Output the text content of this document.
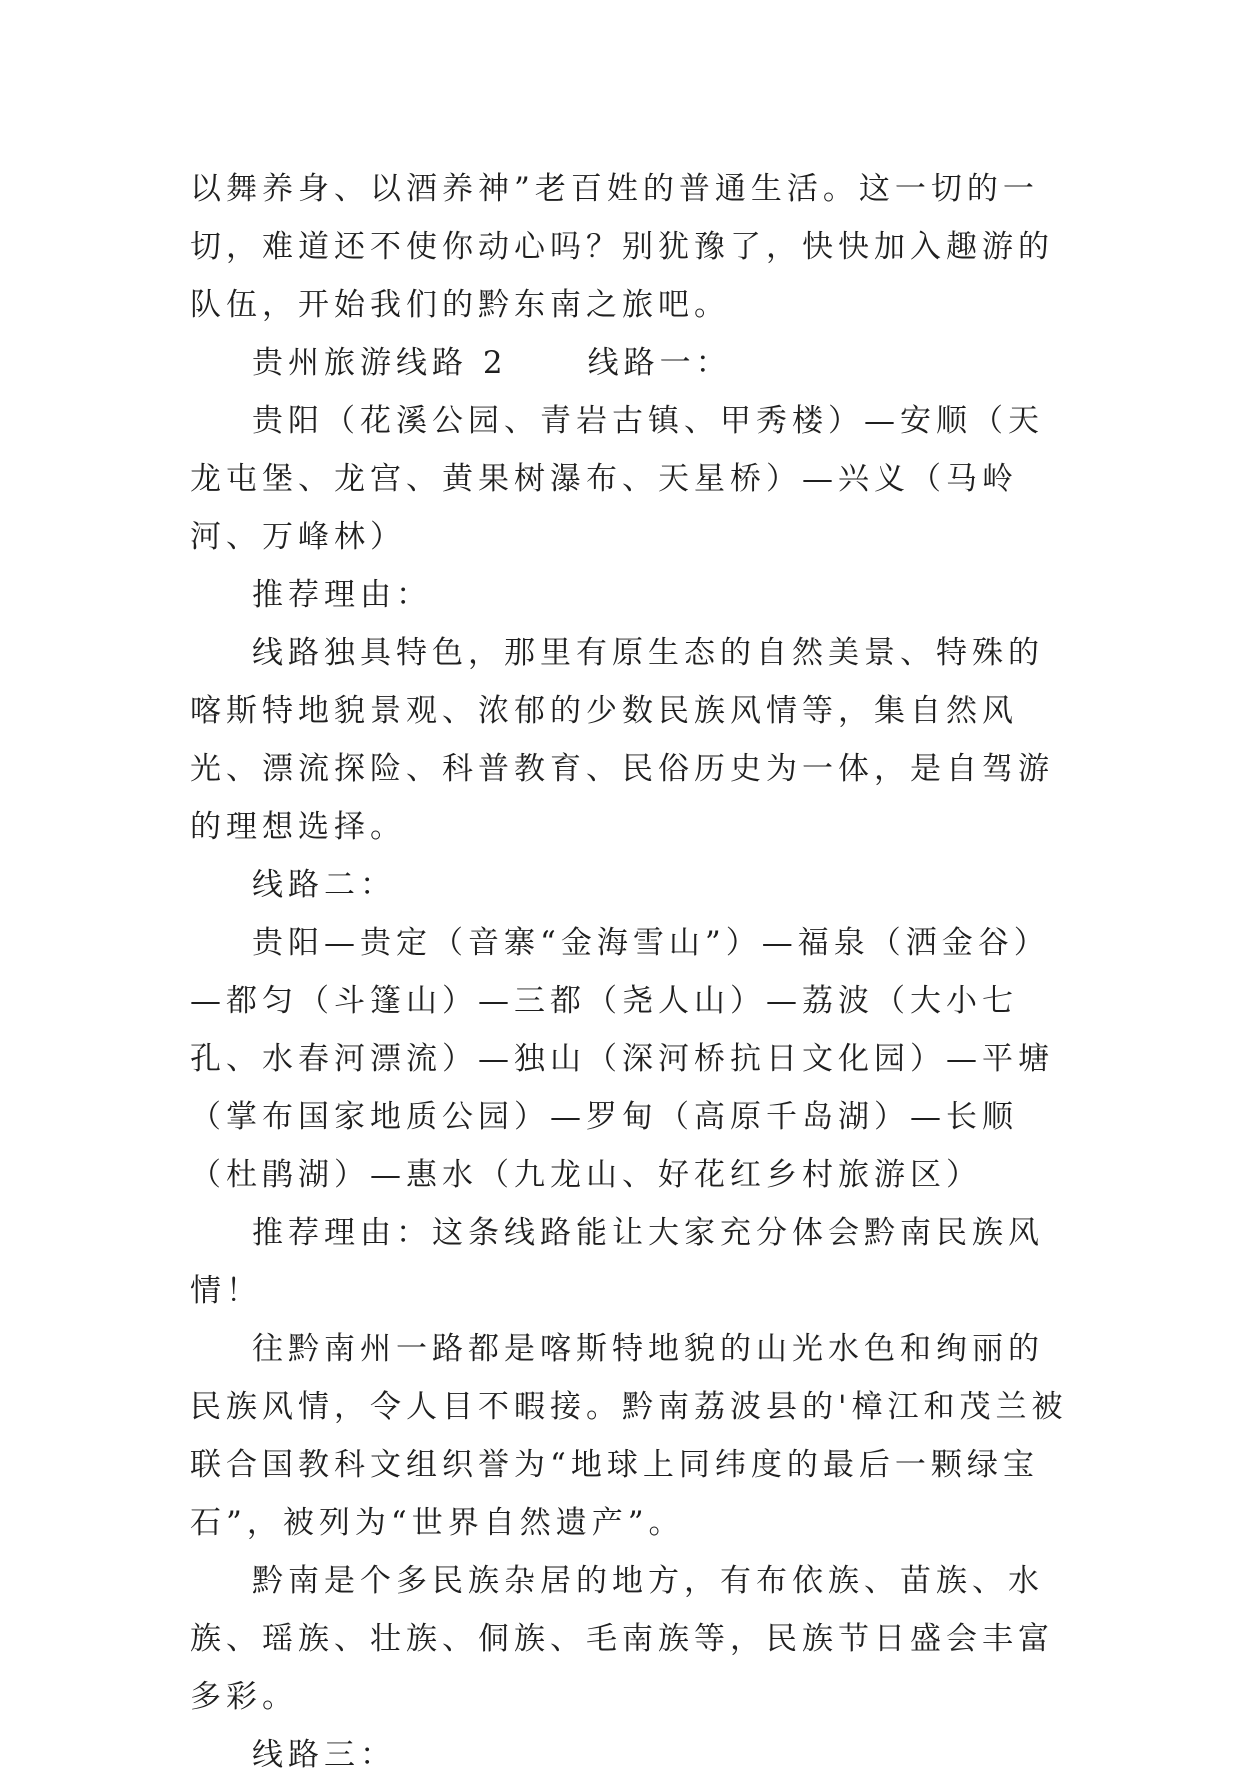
以舞养身、以酒养神”老百姓的普通生活。这一切的一切，难道还不使你动心吗？别犹豫了，快快加入趣游的队伍，开始我们的黔东南之旅吧。

贵州旅游线路 2	线路一：

贵阳（花溪公园、青岩古镇、甲秀楼）—安顺（天龙屯堡、龙宫、黄果树瀑布、天星桥）—兴义（马岭河、万峰林）

推荐理由：

线路独具特色，那里有原生态的自然美景、特殊的喀斯特地貌景观、浓郁的少数民族风情等，集自然风光、漂流探险、科普教育、民俗历史为一体，是自驾游的理想选择。

线路二：

贵阳—贵定（音寨“金海雪山”）—福泉（洒金谷）—都匀（斗篷山）—三都（尧人山）—荔波（大小七孔、水春河漂流）—独山（深河桥抗日文化园）—平塘（掌布国家地质公园）—罗甸（高原千岛湖）—长顺（杜鹃湖）—惠水（九龙山、好花红乡村旅游区）

推荐理由：这条线路能让大家充分体会黔南民族风情！

往黔南州一路都是喀斯特地貌的山光水色和绚丽的民族风情，令人目不暇接。黔南荔波县的'樟江和茂兰被联合国教科文组织誉为“地球上同纬度的最后一颗绿宝石”，被列为“世界自然遗产”。

黔南是个多民族杂居的地方，有布依族、苗族、水族、瑶族、壮族、侗族、毛南族等，民族节日盛会丰富多彩。

线路三：
